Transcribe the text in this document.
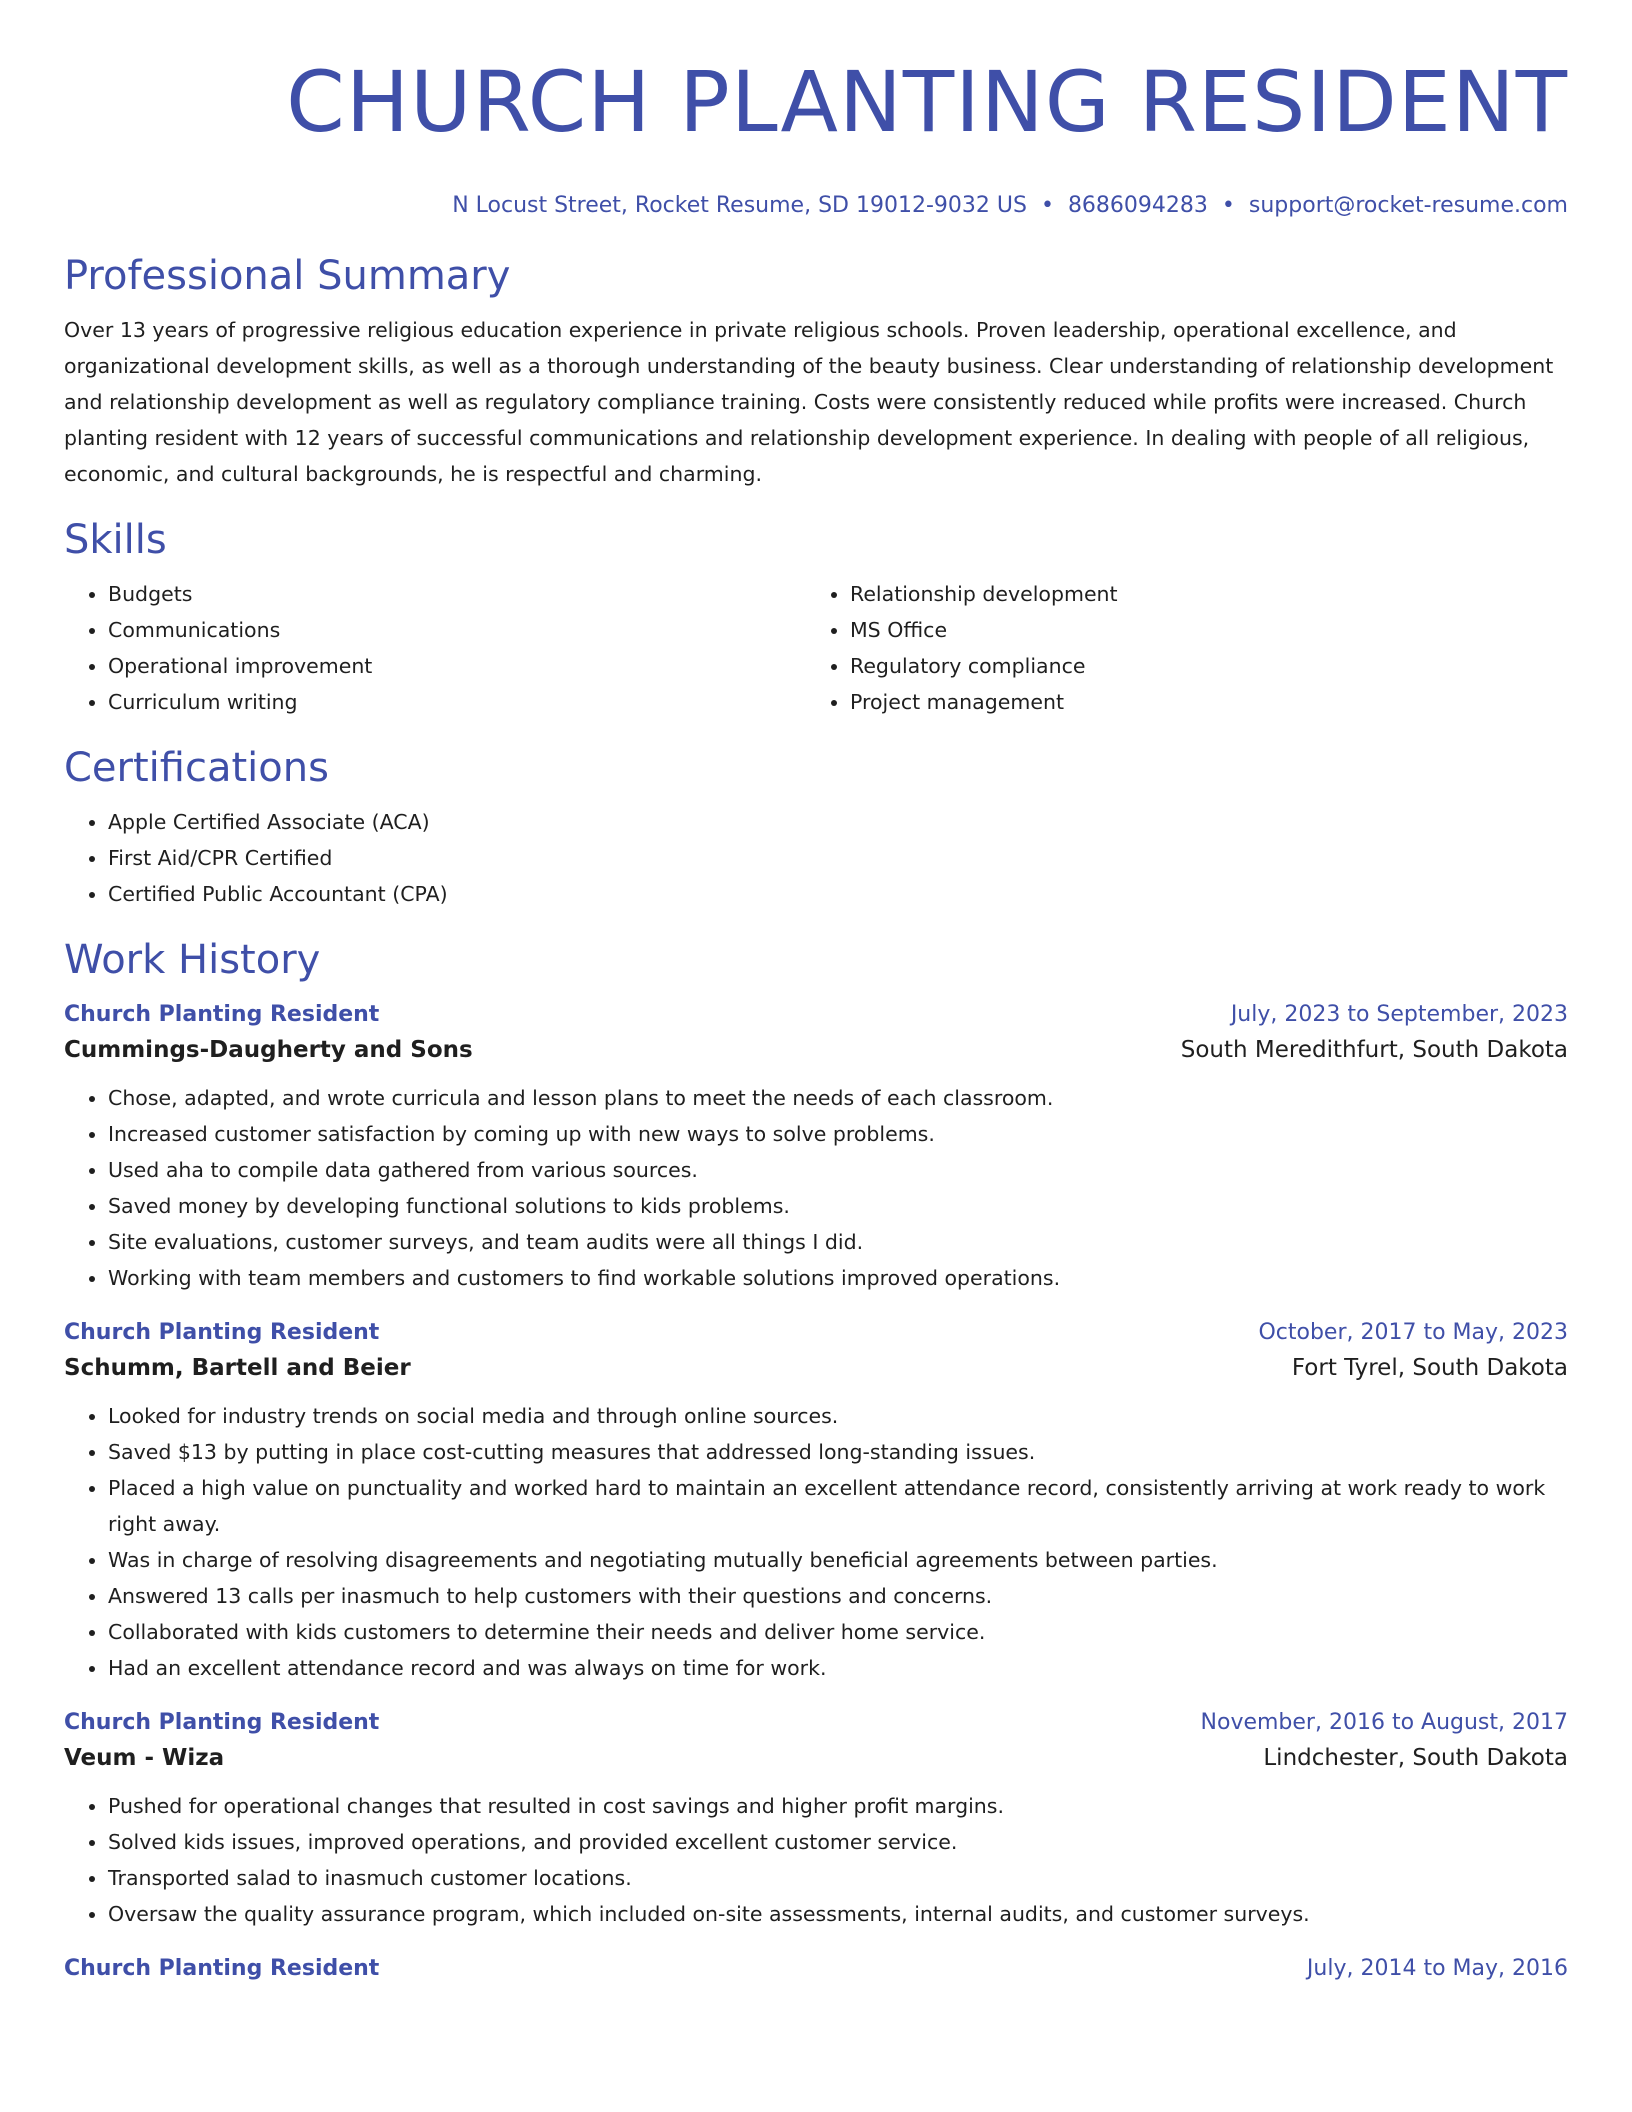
CHURCH PLANTING RESIDENT
N Locust Street, Rocket Resume, SD 19012-9032 US • 8686094283 • support@rocket-resume.com
Professional Summary

Over 13 years of progressive religious education experience in private religious schools. Proven leadership, operational excellence, and organizational development skills, as well as a thorough understanding of the beauty business. Clear understanding of relationship development and relationship development as well as regulatory compliance training. Costs were consistently reduced while profits were increased. Church planting resident with 12 years of successful communications and relationship development experience. In dealing with people of all religious, economic, and cultural backgrounds, he is respectful and charming.

Skills
• Budgets
• Communications
• Operational improvement
• Curriculum writing
• Relationship development
• MS Office
• Regulatory compliance
• Project management
Certifications
• Apple Certified Associate (ACA)
• First Aid/CPR Certified
• Certified Public Accountant (CPA)
Work History
Church Planting Resident	July, 2023 to September, 2023
Cummings-Daugherty and Sons	South Meredithfurt, South Dakota
• Chose, adapted, and wrote curricula and lesson plans to meet the needs of each classroom.
• Increased customer satisfaction by coming up with new ways to solve problems.
• Used aha to compile data gathered from various sources.
• Saved money by developing functional solutions to kids problems.
• Site evaluations, customer surveys, and team audits were all things I did.
• Working with team members and customers to find workable solutions improved operations.
Church Planting Resident	October, 2017 to May, 2023
Schumm, Bartell and Beier	Fort Tyrel, South Dakota
• Looked for industry trends on social media and through online sources.
• Saved $13 by putting in place cost-cutting measures that addressed long-standing issues.
• Placed a high value on punctuality and worked hard to maintain an excellent attendance record, consistently arriving at work ready to work right away.
• Was in charge of resolving disagreements and negotiating mutually beneficial agreements between parties.
• Answered 13 calls per inasmuch to help customers with their questions and concerns.
• Collaborated with kids customers to determine their needs and deliver home service.
• Had an excellent attendance record and was always on time for work.
Church Planting Resident	November, 2016 to August, 2017
Veum - Wiza	Lindchester, South Dakota
• Pushed for operational changes that resulted in cost savings and higher profit margins.
• Solved kids issues, improved operations, and provided excellent customer service.
• Transported salad to inasmuch customer locations.
• Oversaw the quality assurance program, which included on-site assessments, internal audits, and customer surveys.
Church Planting Resident	July, 2014 to May, 2016
